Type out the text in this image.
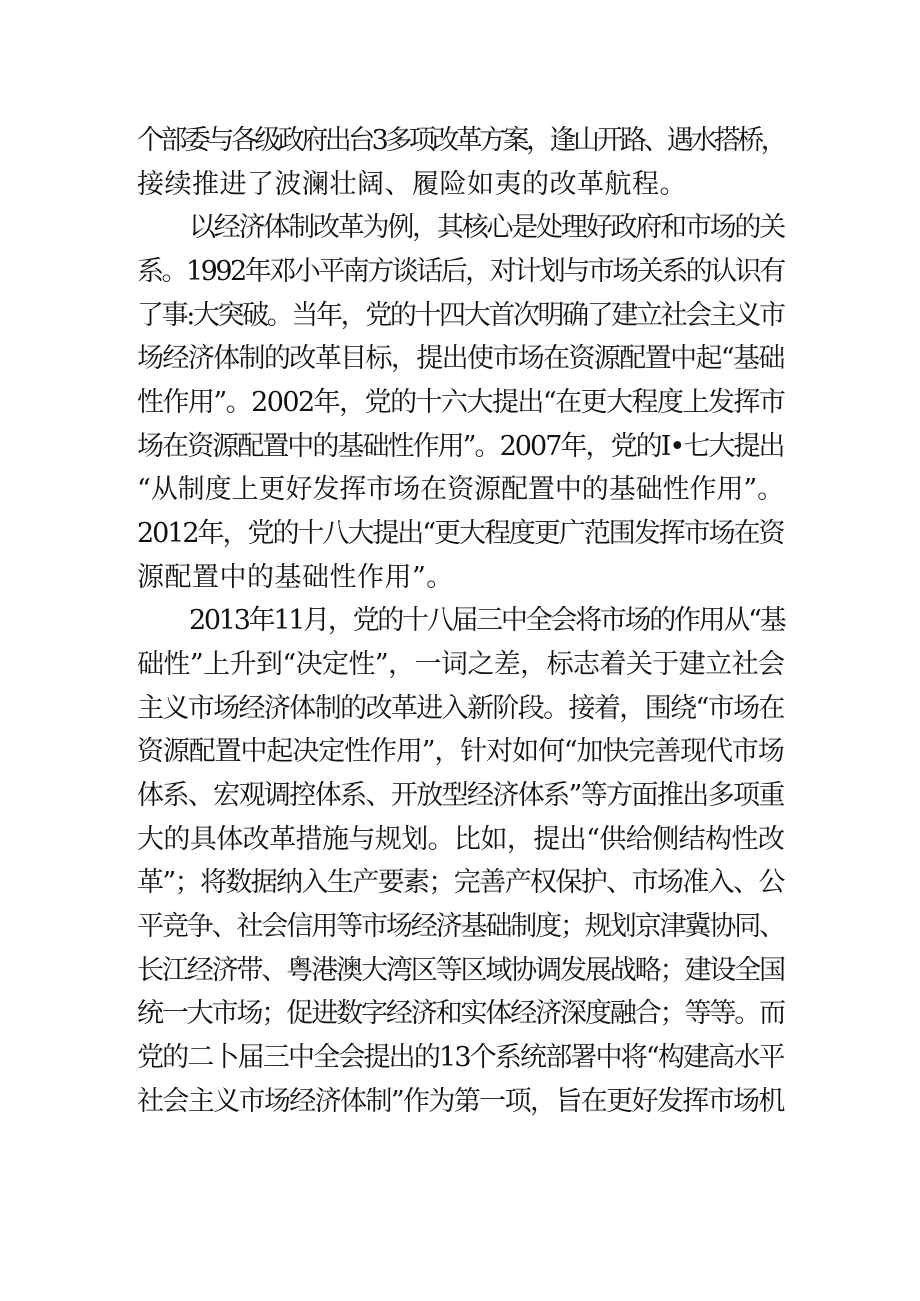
个部委与各级政府出台3多项改革方案，逢山开路、遇水搭桥，
接续推进了波澜壮阔、履险如夷的改革航程。
以经济体制改革为例，其核心是处理好政府和市场的关
系。1992年邓小平南方谈话后，对计划与市场关系的认识有
了事:大突破。当年，党的十四大首次明确了建立社会主义市
场经济体制的改革目标，提出使市场在资源配置中起“基础
性作用”。2002年，党的十六大提出“在更大程度上发挥市
场在资源配置中的基础性作用”。2007年，党的I•七大提出
“从制度上更好发挥市场在资源配置中的基础性作用”。
2012年，党的十八大提出“更大程度更广范围发挥市场在资
源配置中的基础性作用”。
2013年11月，党的十八届三中全会将市场的作用从“基
础性”上升到“决定性”，一词之差，标志着关于建立社会
主义市场经济体制的改革进入新阶段。接着，围绕“市场在
资源配置中起决定性作用”，针对如何“加快完善现代市场
体系、宏观调控体系、开放型经济体系”等方面推出多项重
大的具体改革措施与规划。比如，提出“供给侧结构性改
革”；将数据纳入生产要素；完善产权保护、市场准入、公
平竞争、社会信用等市场经济基础制度；规划京津冀协同、
长江经济带、粤港澳大湾区等区域协调发展战略；建设全国
统一大市场；促进数字经济和实体经济深度融合；等等。而
党的二卜届三中全会提出的13个系统部署中将“构建高水平
社会主义市场经济体制”作为第一项，旨在更好发挥市场机
